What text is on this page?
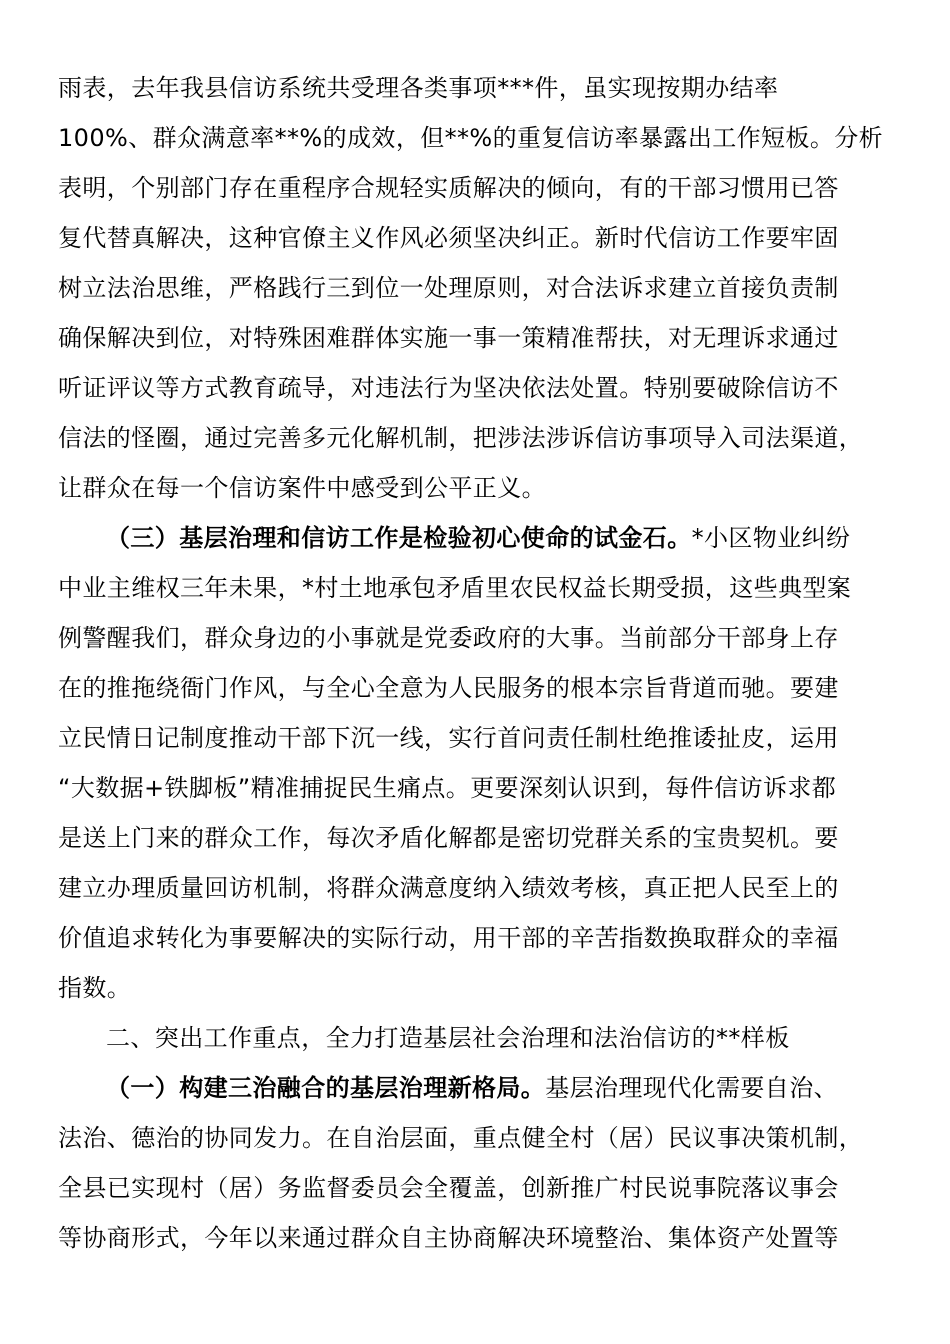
雨表，去年我县信访系统共受理各类事项***件，虽实现按期办结率
100%、群众满意率**%的成效，但**%的重复信访率暴露出工作短板。分析
表明，个别部门存在重程序合规轻实质解决的倾向，有的干部习惯用已答
复代替真解决，这种官僚主义作风必须坚决纠正。新时代信访工作要牢固
树立法治思维，严格践行三到位一处理原则，对合法诉求建立首接负责制
确保解决到位，对特殊困难群体实施一事一策精准帮扶，对无理诉求通过
听证评议等方式教育疏导，对违法行为坚决依法处置。特别要破除信访不
信法的怪圈，通过完善多元化解机制，把涉法涉诉信访事项导入司法渠道，
让群众在每一个信访案件中感受到公平正义。
（三）基层治理和信访工作是检验初心使命的试金石。*小区物业纠纷
中业主维权三年未果，*村土地承包矛盾里农民权益长期受损，这些典型案
例警醒我们，群众身边的小事就是党委政府的大事。当前部分干部身上存
在的推拖绕衙门作风，与全心全意为人民服务的根本宗旨背道而驰。要建
立民情日记制度推动干部下沉一线，实行首问责任制杜绝推诿扯皮，运用
“大数据+铁脚板”精准捕捉民生痛点。更要深刻认识到，每件信访诉求都
是送上门来的群众工作，每次矛盾化解都是密切党群关系的宝贵契机。要
建立办理质量回访机制，将群众满意度纳入绩效考核，真正把人民至上的
价值追求转化为事要解决的实际行动，用干部的辛苦指数换取群众的幸福
指数。
二、突出工作重点，全力打造基层社会治理和法治信访的**样板
（一）构建三治融合的基层治理新格局。基层治理现代化需要自治、
法治、德治的协同发力。在自治层面，重点健全村（居）民议事决策机制，
全县已实现村（居）务监督委员会全覆盖，创新推广村民说事院落议事会
等协商形式，今年以来通过群众自主协商解决环境整治、集体资产处置等
